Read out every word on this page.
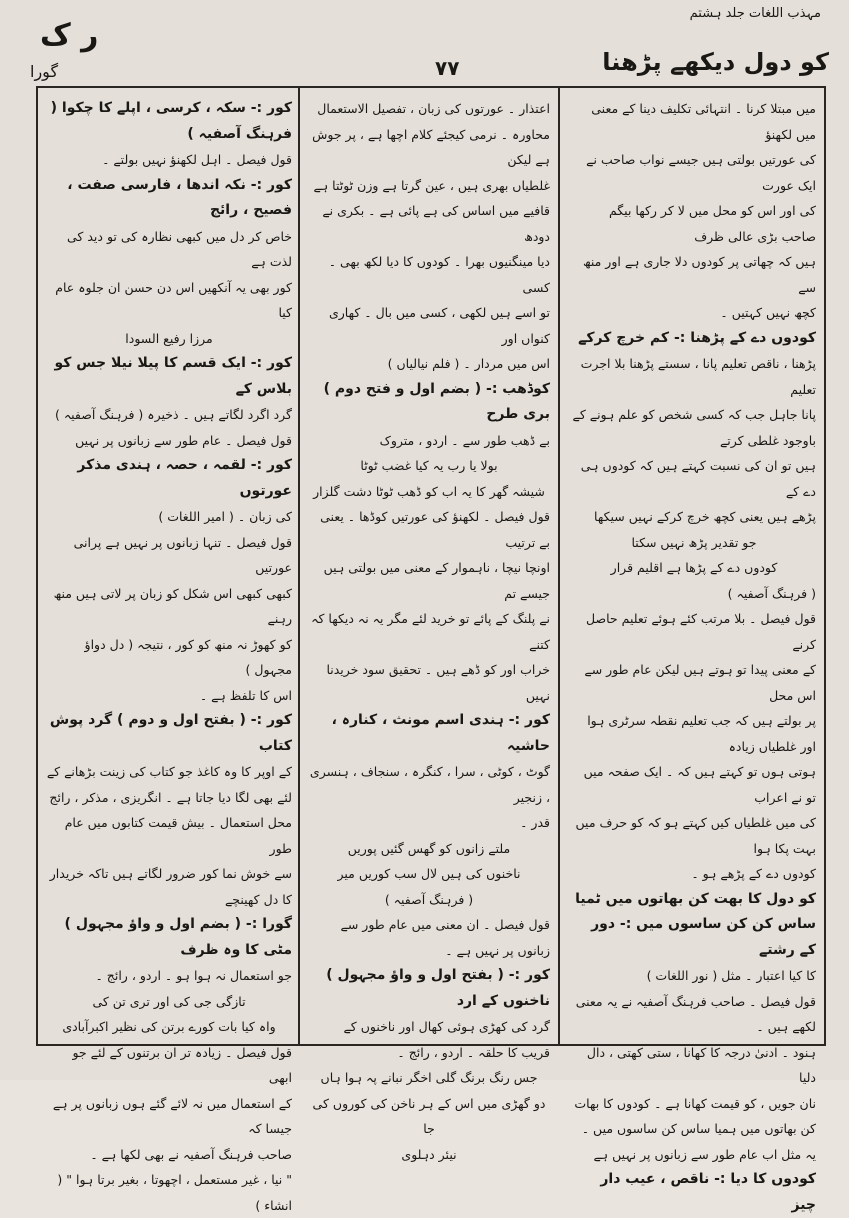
مہذب اللغات جلد ہشتم
ر ک
گورا	۷۷	کو دول دیکھے پڑھنا

میں مبتلا کرنا ۔ انتہائی تکلیف دینا کے معنی میں لکھنؤ

کی عورتیں بولتی ہیں جیسے نواب صاحب نے ایک عورت

کی اور اس کو محل میں لا کر رکھا بیگم صاحب بڑی عالی ظرف

ہیں کہ چھاتی پر کودوں دلا جاری ہے اور منھ سے

کچھ نہیں کہتیں ۔

کودوں دے کے پڑھنا :- کم خرچ کرکے

پڑھنا ، ناقص تعلیم پانا ، سستے پڑھنا بلا اجرت تعلیم

پانا جاہل جب کہ کسی شخص کو علم ہونے کے باوجود غلطی کرتے

ہیں تو ان کی نسبت کہتے ہیں کہ کودوں ہی دے کے

پڑھے ہیں یعنی کچھ خرچ کرکے نہیں سیکھا

جو تقدیر پڑھ نہیں سکتا

کودوں دے کے پڑھا ہے اقلیم قرار

( فرہنگ آصفیہ )

قول فیصل ۔ بلا مرتب کئے ہوئے تعلیم حاصل کرنے

کے معنی پیدا تو ہوتے ہیں لیکن عام طور سے اس محل

پر بولتے ہیں کہ جب تعلیم نقطہ سرٹری ہوا اور غلطیاں زیادہ

ہوتی ہوں تو کہتے ہیں کہ ۔ ایک صفحہ میں تو نے اعراب

کی میں غلطیاں کیں کہتے ہو کہ کو حرف میں بہت پکا ہوا

کودوں دے کے پڑھے ہو ۔

کو دول کا بھت کن بھاتوں میں ٹمیا

ساس کن کن ساسوں میں :- دور کے رشتے

کا کیا اعتبار ۔ مثل ( نور اللغات )

قول فیصل ۔ صاحب فرہنگ آصفیہ نے یہ معنی

لکھے ہیں ۔

ہنود ۔ ادنیٰ درجہ کا کھانا ، ستی کھتی ، دال دلیا

نان جویں ، کو قیمت کھانا ہے ۔ کودوں کا بھات

کن بھاتوں میں ہمیا ساس کن ساسوں میں ۔

یہ مثل اب عام طور سے زبانوں پر نہیں ہے

کودوں کا دیا :- ناقص ، عیب دار چیز

اعتذار ۔ عورتوں کی زبان ، تفصیل الاستعمال

محاورہ ۔ نرمی کیجئے کلام اچھا ہے ، پر جوش ہے لیکن

غلطیاں بھری ہیں ، عین گرتا ہے وزن ٹوٹتا ہے

قافیے میں اساس کی ہے پائی ہے ۔ بکری نے دودھ

دیا مینگنیوں بھرا ۔ کودوں کا دیا لکھ بھی ۔ کسی

تو اسے ہیں لکھی ، کسی میں بال ۔ کھاری کنواں اور

اس میں مردار ۔ ( فلم نیالیاں )

کوڈھب :- ( بضم اول و فتح دوم ) بری طرح

بے ڈھب طور سے ۔ اردو ، متروک

بولا یا رب یہ کیا غضب ٹوٹا

شیشہ گھر کا یہ اب کو ڈھب ٹوٹا دشت گلزار

قول فیصل ۔ لکھنؤ کی عورتیں کوڈھا ۔ یعنی بے ترتیب

اونچا نیچا ، ناہموار کے معنی میں بولتی ہیں جیسے تم

نے پلنگ کے پائے تو خرید لئے مگر یہ نہ دیکھا کہ کتنے

خراب اور کو ڈھے ہیں ۔ تحقیق سود خریدنا نہیں

کور :- ہندی اسم مونث ، کنارہ ، حاشیہ

گوٹ ، کوٹی ، سرا ، کنگرہ ، سنجاف ، ہنسری ، زنجیر

قدر ۔

ملتے زانوں کو گھس گئیں پوریں

ناخنوں کی ہیں لال سب کوریں میر

( فرہنگ آصفیہ )

قول فیصل ۔ ان معنی میں عام طور سے

زبانوں پر نہیں ہے ۔

کور :- ( بفتح اول و واؤ مجہول ) ناخنوں کے ارد

گرد کی کھڑی ہوئی کھال اور ناخنوں کے

قریب کا حلقہ ۔ اردو ، رائج ۔

جس رنگ برنگ گلی اخگر نبانے پہ ہوا ہاں

دو گھڑی میں اس کے ہر ناخن کی کوروں کی جا

نیئر دہلوی

کور :- سکہ ، کرسی ، اپلے کا چکوا ( فرہنگ آصفیہ )

قول فیصل ۔ اہل لکھنؤ نہیں بولتے ۔

کور :- نکہ اندھا ، فارسی صفت ، فصیح ، رائج

خاص کر دل میں کبھی نظارہ کی تو دید کی لذت ہے

کور بھی یہ آنکھیں اس دن حسن ان جلوہ عام کیا

مرزا رفیع السودا

کور :- ایک قسم کا پیلا نیلا جس کو بلاس کے

گرد اگرد لگاتے ہیں ۔ ذخیرہ ( فرہنگ آصفیہ )

قول فیصل ۔ عام طور سے زبانوں پر نہیں

کور :- لقمہ ، حصہ ، ہندی مذکر عورتوں

کی زبان ۔ ( امیر اللغات )

قول فیصل ۔ تنہا زبانوں پر نہیں ہے پرانی عورتیں

کبھی کبھی اس شکل کو زبان پر لاتی ہیں منھ رہنے

کو کھوڑ نہ منھ کو کور ، نتیجہ ( دل دواؤ مجہول )

اس کا تلفظ ہے ۔

کور :- ( بفتح اول و دوم ) گرد پوش کتاب

کے اوپر کا وہ کاغذ جو کتاب کی زینت بڑھانے کے

لئے بھی لگا دیا جاتا ہے ۔ انگریزی ، مذکر ، رائج

محل استعمال ۔ بیش قیمت کتابوں میں عام طور

سے خوش نما کور ضرور لگاتے ہیں تاکہ خریدار

کا دل کھینچے

گورا :- ( بضم اول و واؤ مجہول ) مٹی کا وہ ظرف

جو استعمال نہ ہوا ہو ۔ اردو ، رائج ۔

تازگی جی کی اور تری تن کی

واہ کیا بات کورے برتن کی نظیر اکبرآبادی

قول فیصل ۔ زیادہ تر ان برتنوں کے لئے جو ابھی

کے استعمال میں نہ لائے گئے ہوں زبانوں پر ہے جیسا کہ

صاحب فرہنگ آصفیہ نے بھی لکھا ہے ۔

" نیا ، غیر مستعمل ، اچھوتا ، بغیر برتا ہوا " ( انشاء )
